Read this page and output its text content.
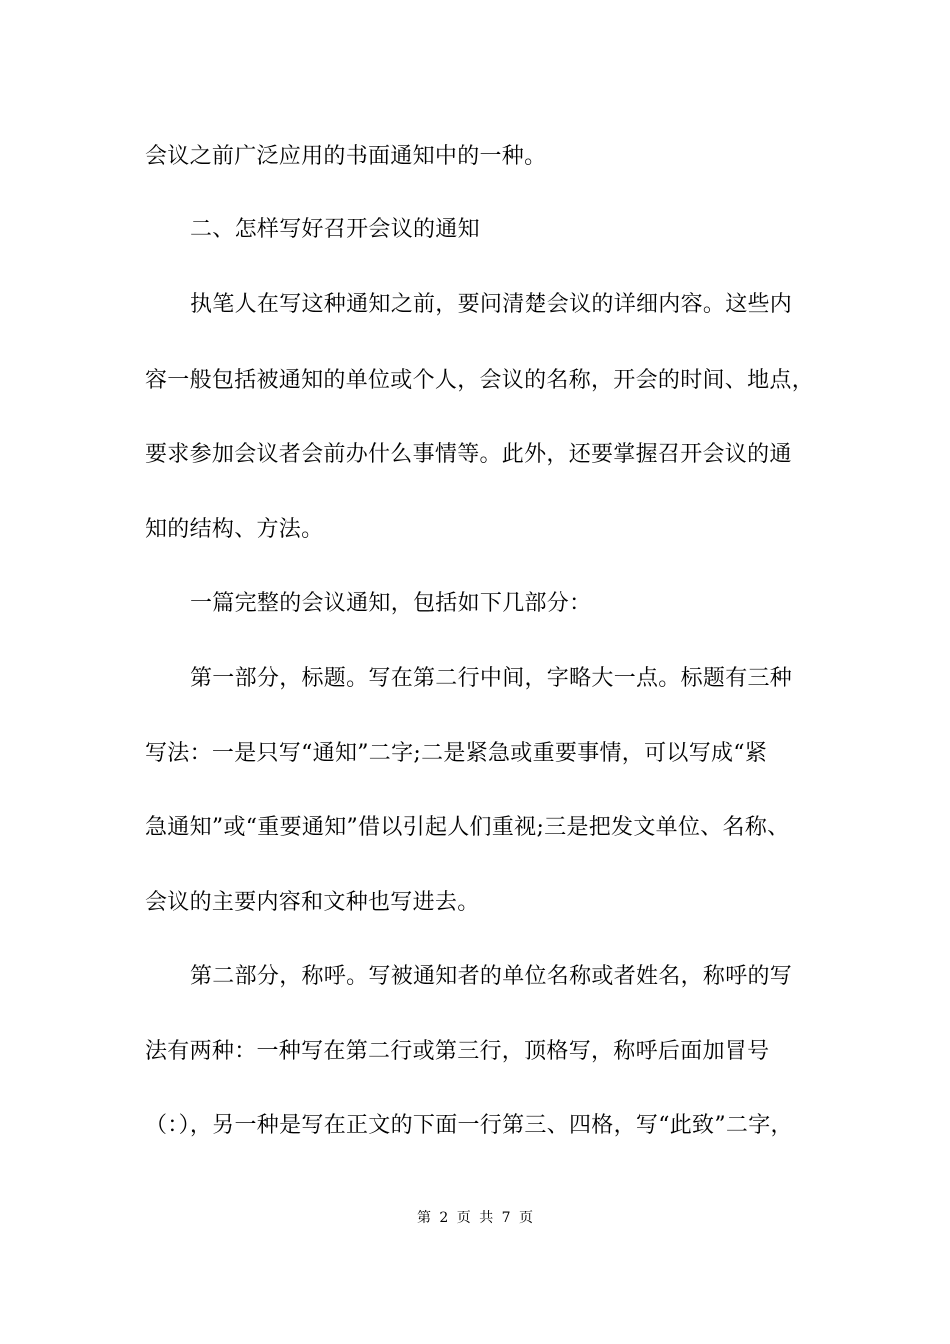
会议之前广泛应用的书面通知中的一种。
二、怎样写好召开会议的通知
执笔人在写这种通知之前，要问清楚会议的详细内容。这些内
容一般包括被通知的单位或个人，会议的名称，开会的时间、地点，
要求参加会议者会前办什么事情等。此外，还要掌握召开会议的通
知的结构、方法。
一篇完整的会议通知，包括如下几部分：
第一部分，标题。写在第二行中间，字略大一点。标题有三种
写法：一是只写“通知”二字;二是紧急或重要事情，可以写成“紧
急通知”或“重要通知”借以引起人们重视;三是把发文单位、名称、
会议的主要内容和文种也写进去。
第二部分，称呼。写被通知者的单位名称或者姓名，称呼的写
法有两种：一种写在第二行或第三行，顶格写，称呼后面加冒号
（：），另一种是写在正文的下面一行第三、四格，写“此致”二字，
第 2 页 共 7 页
